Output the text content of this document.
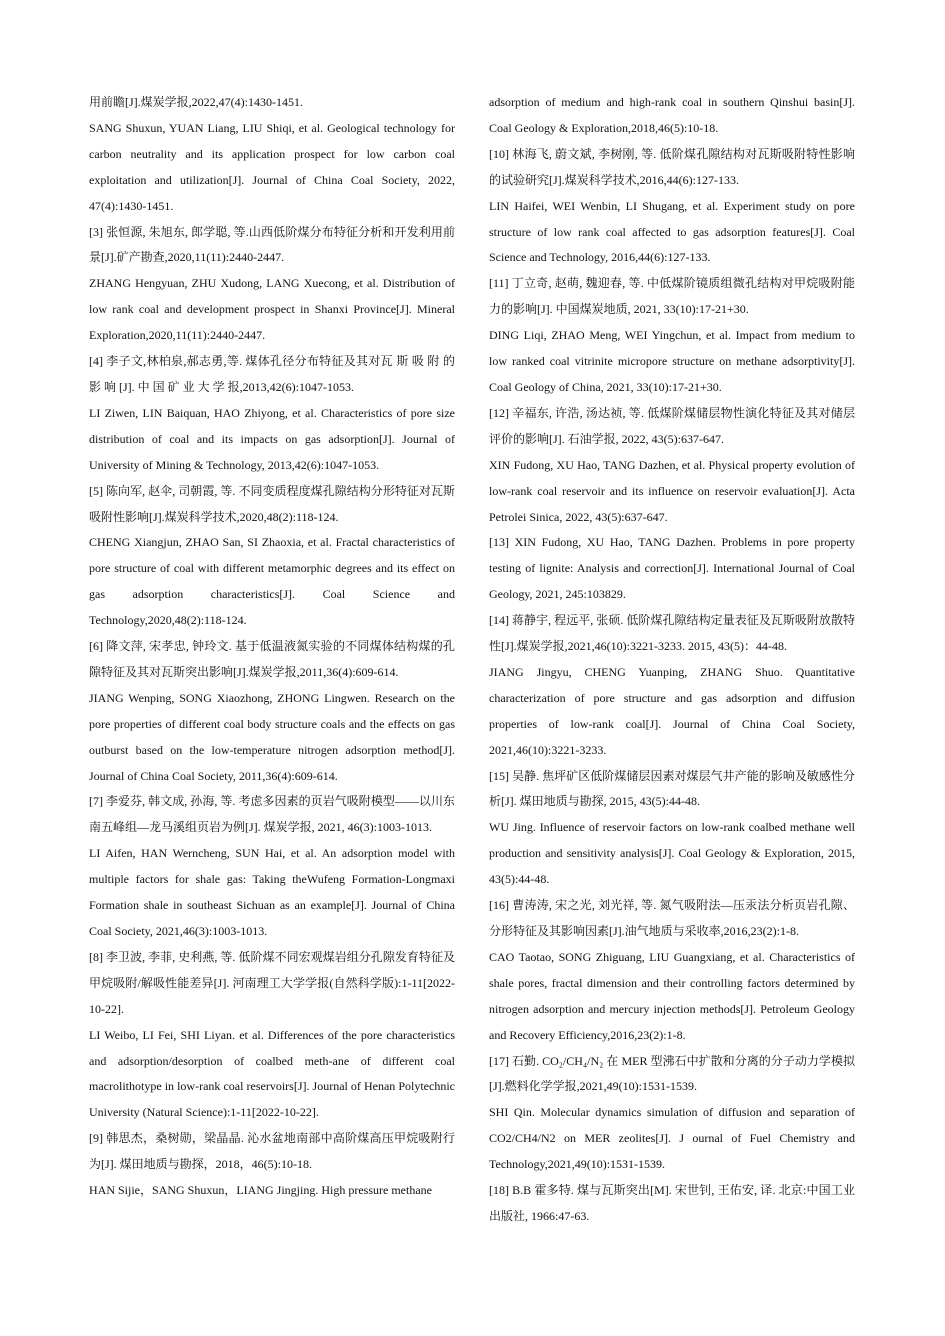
用前瞻[J].煤炭学报,2022,47(4):1430-1451.

SANG Shuxun, YUAN Liang, LIU Shiqi, et al. Geological technology for carbon neutrality and its application prospect for low carbon coal exploitation and utilization[J]. Journal of China Coal Society, 2022, 47(4):1430-1451.

[3] 张恒源, 朱旭东, 郎学聪, 等.山西低阶煤分布特征分析和开发利用前景[J].矿产勘查,2020,11(11):2440-2447.

ZHANG Hengyuan, ZHU Xudong, LANG Xuecong, et al. Distribution of low rank coal and development prospect in Shanxi Province[J]. Mineral Exploration,2020,11(11):2440-2447.

[4] 李子文,林柏泉,郝志勇,等. 煤体孔径分布特征及其对瓦 斯 吸 附 的 影 响 [J]. 中 国 矿 业 大 学 报,2013,42(6):1047-1053.

LI Ziwen, LIN Baiquan, HAO Zhiyong, et al. Characteristics of pore size distribution of coal and its impacts on gas adsorption[J]. Journal of University of Mining & Technology, 2013,42(6):1047-1053.

[5] 陈向军, 赵伞, 司朝霞, 等. 不同变质程度煤孔隙结构分形特征对瓦斯吸附性影响[J].煤炭科学技术,2020,48(2):118-124.

CHENG Xiangjun, ZHAO San, SI Zhaoxia, et al. Fractal characteristics of pore structure of coal with different metamorphic degrees and its effect on gas adsorption characteristics[J]. Coal Science and Technology,2020,48(2):118-124.

[6] 降文萍, 宋孝忠, 钟玲文. 基于低温液氮实验的不同煤体结构煤的孔隙特征及其对瓦斯突出影响[J].煤炭学报,2011,36(4):609-614.

JIANG Wenping, SONG Xiaozhong, ZHONG Lingwen. Research on the pore properties of different coal body structure coals and the effects on gas outburst based on the low-temperature nitrogen adsorption method[J]. Journal of China Coal Society, 2011,36(4):609-614.

[7] 李爱芬, 韩文成, 孙海, 等. 考虑多因素的页岩气吸附模型——以川东南五峰组—龙马溪组页岩为例[J]. 煤炭学报, 2021, 46(3):1003-1013.

LI Aifen, HAN Werncheng, SUN Hai, et al. An adsorption model with multiple factors for shale gas: Taking theWufeng Formation-Longmaxi Formation shale in southeast Sichuan as an example[J]. Journal of China Coal Society, 2021,46(3):1003-1013.

[8] 李卫波, 李菲, 史利燕, 等. 低阶煤不同宏观煤岩组分孔隙发育特征及甲烷吸附/解吸性能差异[J]. 河南理工大学学报(自然科学版):1-11[2022-10-22].

LI Weibo, LI Fei, SHI Liyan. et al. Differences of the pore characteristics and adsorption/desorption of coalbed meth‐ane of different coal macrolithotype in low-rank coal reservoirs[J]. Journal of Henan Polytechnic University (Natural Science):1-11[2022-10-22].

[9] 韩思杰，桑树勋，梁晶晶. 沁水盆地南部中高阶煤高压甲烷吸附行为[J]. 煤田地质与勘探，2018，46(5):10-18.

HAN Sijie，SANG Shuxun，LIANG Jingjing. High pressure methane

adsorption of medium and high-rank coal in southern Qinshui basin[J]. Coal Geology & Exploration,2018,46(5):10-18.

[10] 林海飞, 蔚文斌, 李树刚, 等. 低阶煤孔隙结构对瓦斯吸附特性影响的试验研究[J].煤炭科学技术,2016,44(6):127-133.

LIN Haifei, WEI Wenbin, LI Shugang, et al. Experiment study on pore structure of low rank coal affected to gas adsorption features[J]. Coal Science and Technology, 2016,44(6):127-133.

[11] 丁立奇, 赵萌, 魏迎春, 等. 中低煤阶镜质组微孔结构对甲烷吸附能力的影响[J]. 中国煤炭地质, 2021, 33(10):17-21+30.

DING Liqi, ZHAO Meng, WEI Yingchun, et al. Impact from medium to low ranked coal vitrinite micropore structure on methane adsorptivity[J]. Coal Geology of China, 2021, 33(10):17-21+30.

[12] 辛福东, 许浩, 汤达祯, 等. 低煤阶煤储层物性演化特征及其对储层评价的影响[J]. 石油学报, 2022, 43(5):637-647.

XIN Fudong, XU Hao, TANG Dazhen, et al. Physical property evolution of low-rank coal reservoir and its influence on reservoir evaluation[J]. Acta Petrolei Sinica, 2022, 43(5):637-647.

[13] XIN Fudong, XU Hao, TANG Dazhen. Problems in pore property testing of lignite: Analysis and correction[J]. International Journal of Coal Geology, 2021, 245:103829.

[14] 蒋静宇, 程远平, 张硕. 低阶煤孔隙结构定量表征及瓦斯吸附放散特性[J].煤炭学报,2021,46(10):3221-3233. 2015, 43(5)：44-48.

JIANG Jingyu, CHENG Yuanping, ZHANG Shuo. Quantitative characterization of pore structure and gas adsorption and diffusion properties of low-rank coal[J]. Journal of China Coal Society, 2021,46(10):3221-3233.

[15] 吴静. 焦坪矿区低阶煤储层因素对煤层气井产能的影响及敏感性分析[J]. 煤田地质与勘探, 2015, 43(5):44-48.

WU Jing. Influence of reservoir factors on low-rank coalbed methane well production and sensitivity analysis[J]. Coal Geology & Exploration, 2015, 43(5):44-48.

[16] 曹涛涛, 宋之光, 刘光祥, 等. 氮气吸附法—压汞法分析页岩孔隙、分形特征及其影响因素[J].油气地质与采收率,2016,23(2):1-8.

CAO Taotao, SONG Zhiguang, LIU Guangxiang, et al. Characteristics of shale pores, fractal dimension and their controlling factors determined by nitrogen adsorption and mercury injection methods[J]. Petroleum Geology and Recovery Efficiency,2016,23(2):1-8.

[17] 石勤. CO₂/CH₄/N₂ 在 MER 型沸石中扩散和分离的分子动力学模拟[J].燃料化学学报,2021,49(10):1531-1539.

SHI Qin. Molecular dynamics simulation of diffusion and separation of CO2/CH4/N2 on MER zeolites[J]. J ournal of Fuel Chemistry and Technology,2021,49(10):1531-1539.

[18] B.B 霍多特. 煤与瓦斯突出[M]. 宋世钊, 王佑安, 译. 北京:中国工业出版社, 1966:47-63.
